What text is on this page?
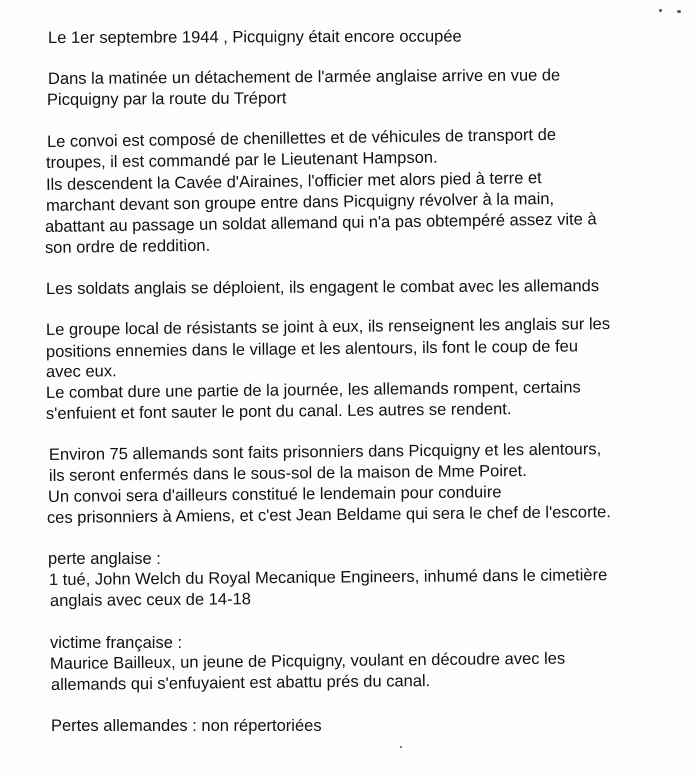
Le 1er septembre 1944 , Picquigny était encore occupée
Dans la matinée un détachement de l'armée anglaise arrive en vue de
Picquigny par la route du Tréport
Le convoi est composé de chenillettes et de véhicules de transport de
troupes, il est commandé par le Lieutenant Hampson.
Ils descendent la Cavée d'Airaines, l'officier met alors pied à terre et
marchant devant son groupe entre dans Picquigny révolver à la main,
abattant au passage un soldat allemand qui n'a pas obtempéré assez vite à
son ordre de reddition.
Les soldats anglais se déploient, ils engagent le combat avec les allemands
Le groupe local de résistants se joint à eux, ils renseignent les anglais sur les
positions ennemies dans le village et les alentours, ils font le coup de feu
avec eux.
Le combat dure une partie de la journée, les allemands rompent, certains
s'enfuient et font sauter le pont du canal. Les autres se rendent.
Environ 75 allemands sont faits prisonniers dans Picquigny et les alentours,
ils seront enfermés dans le sous-sol de la maison de Mme Poiret.
Un convoi sera d'ailleurs constitué le lendemain pour conduire
ces prisonniers à Amiens, et c'est Jean Beldame qui sera le chef de l'escorte.
perte anglaise :
1 tué, John Welch du Royal Mecanique Engineers, inhumé dans le cimetière
anglais avec ceux de 14-18
victime française :
Maurice Bailleux, un jeune de Picquigny, voulant en découdre avec les
allemands qui s'enfuyaient est abattu prés du canal.
Pertes allemandes : non répertoriées
